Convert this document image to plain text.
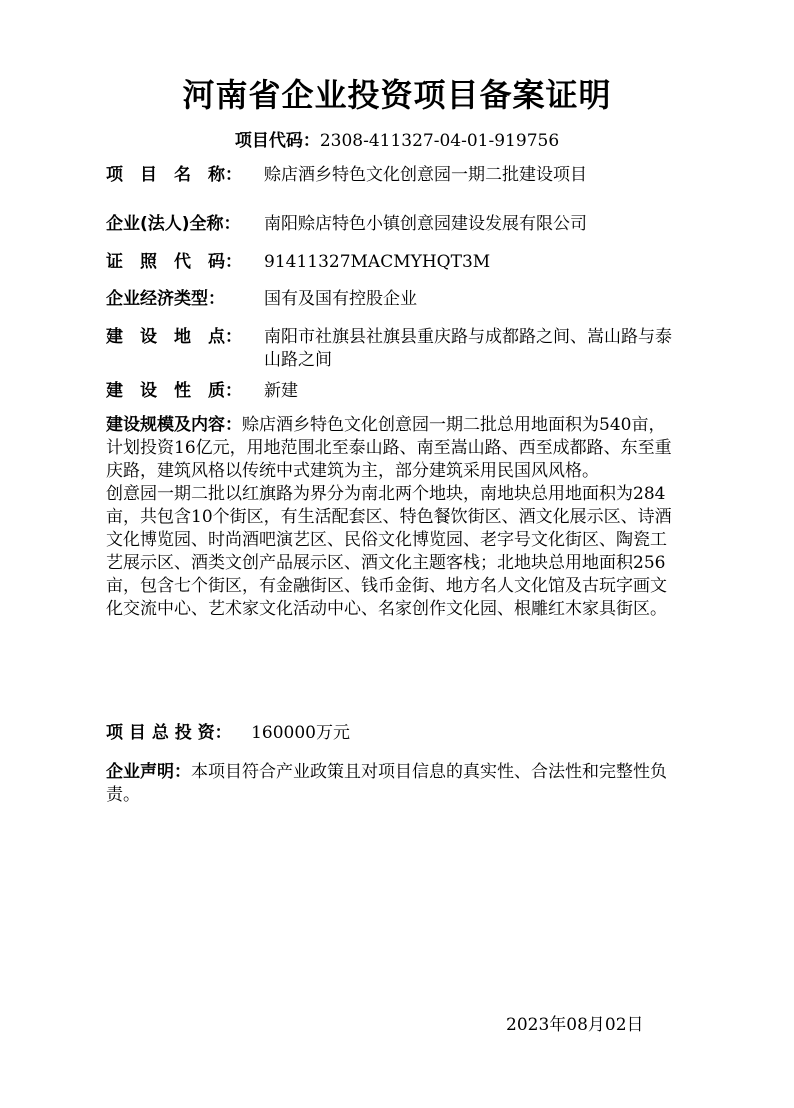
河南省企业投资项目备案证明
项目代码：2308-411327-04-01-919756
项　目　名　称：	赊店酒乡特色文化创意园一期二批建设项目
企业(法人)全称：	南阳赊店特色小镇创意园建设发展有限公司
证　照　代　码：	91411327MACMYHQT3M
企业经济类型：	国有及国有控股企业
建　设　地　点：	南阳市社旗县社旗县重庆路与成都路之间、嵩山路与泰山路之间
建　设　性　质：	新建

建设规模及内容：赊店酒乡特色文化创意园一期二批总用地面积为540亩，计划投资16亿元，用地范围北至泰山路、南至嵩山路、西至成都路、东至重庆路，建筑风格以传统中式建筑为主，部分建筑采用民国风风格。

创意园一期二批以红旗路为界分为南北两个地块，南地块总用地面积为284亩，共包含10个街区，有生活配套区、特色餐饮街区、酒文化展示区、诗酒文化博览园、时尚酒吧演艺区、民俗文化博览园、老字号文化街区、陶瓷工艺展示区、酒类文创产品展示区、酒文化主题客栈；北地块总用地面积256亩，包含七个街区，有金融街区、钱币金街、地方名人文化馆及古玩字画文化交流中心、艺术家文化活动中心、名家创作文化园、根雕红木家具街区。

项 目 总 投 资： 160000万元

企业声明：本项目符合产业政策且对项目信息的真实性、合法性和完整性负责。

2023年08月02日
